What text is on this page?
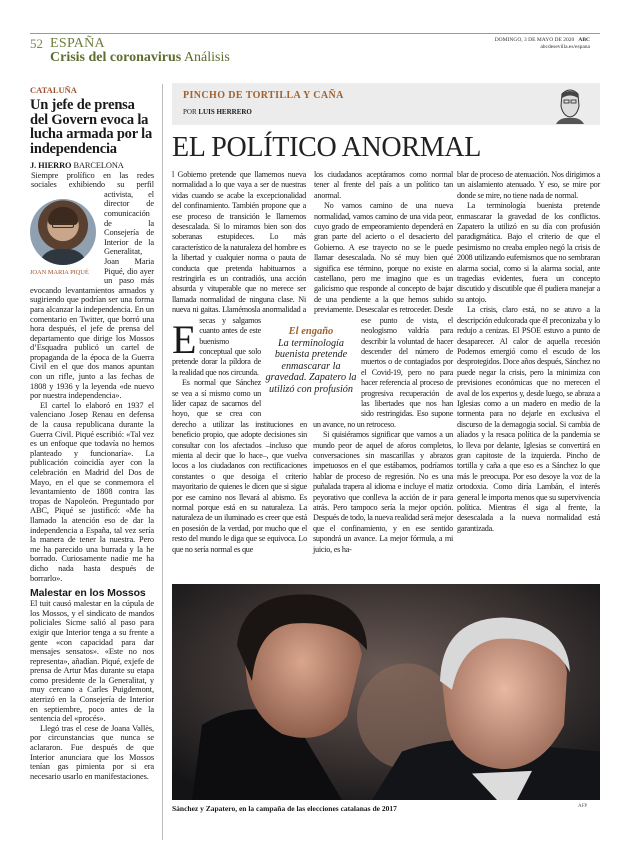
52 ESPAÑA
Crisis del coronavirus Análisis
DOMINGO, 3 DE MAYO DE 2020 ABC
abcdesevilla.es/espana
CATALUÑA
Un jefe de prensa del Govern evoca la lucha armada por la independencia
J. HIERRO BARCELONA
JOAN MARIA PIQUÉ

Siempre prolífico en las redes sociales exhibiendo su perfil activista, el director de comunicación de la Consejería de Interior de la Generalitat, Joan Maria Piqué, dio ayer un paso más evocando levantamientos armados y sugiriendo que podrían ser una forma para alcanzar la independencia. En un comentario en Twitter, que borró una hora después, el jefe de prensa del departamento que dirige los Mossos d’Esquadra publicó un cartel de propaganda de la época de la Guerra Civil en el que dos manos apuntan con un rifle, junto a las fechas de 1808 y 1936 y la leyenda «de nuevo por nuestra independencia».

El cartel lo elaboró en 1937 el valenciano Josep Renau en defensa de la causa republicana durante la Guerra Civil. Piqué escribió: «Tal vez es un enfoque que todavía no hemos planteado y funcionaría». La publicación coincidía ayer con la celebración en Madrid del Dos de Mayo, en el que se conmemora el levantamiento de 1808 contra las tropas de Napoleón. Preguntado por ABC, Piqué se justificó: «Me ha llamado la atención eso de dar la independencia a España, tal vez sería la manera de tener la nuestra. Pero me ha parecido una burrada y la he borrado. Curiosamente nadie me ha dicho nada hasta después de borrarlo».

Malestar en los Mossos

El tuit causó malestar en la cúpula de los Mossos, y el sindicato de mandos policiales Sicme salió al paso para exigir que Interior tenga a su frente a gente «con capacidad para dar mensajes sensatos». «Este no nos representa», añadían. Piqué, exjefe de prensa de Artur Mas durante su etapa como presidente de la Generalitat, y muy cercano a Carles Puigdemont, aterrizó en la Consejería de Interior en septiembre, poco antes de la sentencia del «procés».

Llegó tras el cese de Joana Vallès, por circunstancias que nunca se aclararon. Fue después de que Interior anunciara que los Mossos tenían gas pimienta por si era necesario usarlo en manifestaciones.

PINCHO DE TORTILLA Y CAÑA
POR LUIS HERRERO
EL POLÍTICO ANORMAL
E

l Gobierno pretende que llamemos nueva normalidad a lo que vaya a ser de nuestras vidas cuando se acabe la excepcionalidad del confinamiento. También propone que a ese proceso de transición le llamemos desescalada. Si lo miramos bien son dos soberanas estupideces. Lo más característico de la naturaleza del hombre es la libertad y cualquier norma o pauta de conducta que pretenda habituarnos a restringirla es un contradiós, una acción absurda y vituperable que no merece ser llamada normalidad de ninguna clase. Ni nueva ni gaitas. Llamémosla anormalidad a secas y salgamos cuanto antes de este buenismo conceptual que solo pretende dorar la píldora de la realidad que nos circunda.

Es normal que Sánchez se vea a sí mismo como un líder capaz de sacarnos del hoyo, que se crea con derecho a utilizar las instituciones en beneficio propio, que adopte decisiones sin consultar con los afectados –incluso que mienta al decir que lo hace–, que vuelva locos a los ciudadanos con rectificaciones constantes o que desoiga el criterio mayoritario de quienes le dicen que si sigue por ese camino nos llevará al abismo. Es normal porque está en su naturaleza. La naturaleza de un iluminado es creer que está en posesión de la verdad, por mucho que el resto del mundo le diga que se equivoca. Lo que no sería normal es que

los ciudadanos aceptáramos como normal tener al frente del país a un político tan anormal.

No vamos camino de una nueva normalidad, vamos camino de una vida peor, cuyo grado de empeoramiento dependerá en gran parte del acierto o el desacierto del Gobierno. A ese trayecto no se le puede llamar desescalada. No sé muy bien qué significa ese término, porque no existe en castellano, pero me imagino que es un galicismo que responde al concepto de bajar de una pendiente a la que hemos subido previamente. Desescalar es retroceder. Desde ese punto de vista, el neologismo valdría para describir la voluntad de hacer descender del número de muertos o de contagiados por el Covid-19, pero no para hacer referencia al proceso de progresiva recuperación de las libertades que nos han sido restringidas. Eso supone un avance, no un retroceso.

Si quisiéramos significar que vamos a un mundo peor de aquel de aforos completos, conversaciones sin mascarillas y abrazos impetuosos en el que estábamos, podríamos hablar de proceso de regresión. No es una puñalada trapera al idioma e incluye el matiz peyorativo que conlleva la acción de ir para atrás. Pero tampoco sería la mejor opción. Después de todo, la nueva realidad será mejor que el confinamiento, y en ese sentido supondrá un avance. La mejor fórmula, a mi juicio, es ha-

blar de proceso de atenuación. Nos dirigimos a un aislamiento atenuado. Y eso, se mire por donde se mire, no tiene nada de normal.

La terminología buenista pretende enmascarar la gravedad de los conflictos. Zapatero la utilizó en su día con profusión paradigmática. Bajo el criterio de que el pesimismo no creaba empleo negó la crisis de 2008 utilizando eufemismos que no sembraran alarma social, como si la alarma social, ante tragedias evidentes, fuera un concepto discutido y discutible que él pudiera manejar a su antojo.

La crisis, claro está, no se atuvo a la descripción edulcorada que él preconizaba y lo redujo a cenizas. El PSOE estuvo a punto de desaparecer. Al calor de aquella recesión Podemos emergió como el escudo de los desprotegidos. Doce años después, Sánchez no puede negar la crisis, pero la minimiza con previsiones económicas que no merecen el aval de los expertos y, desde luego, se abraza a Iglesias como a un madero en medio de la tormenta para no dejarle en exclusiva el discurso de la demagogia social. Si cambia de aliados y la resaca política de la pandemia se lo lleva por delante, Iglesias se convertirá en gran capitoste de la izquierda. Pincho de tortilla y caña a que eso es a Sánchez lo que más le preocupa. Por eso desoye la voz de la ortodoxia. Como diría Lambán, el interés general le importa menos que su supervivencia política. Mientras él siga al frente, la desescalada a la nueva normalidad está garantizada.

El engaño
La terminología buenista pretende enmascarar la gravedad. Zapatero la utilizó con profusión
Sánchez y Zapatero, en la campaña de las elecciones catalanas de 2017	AFP
